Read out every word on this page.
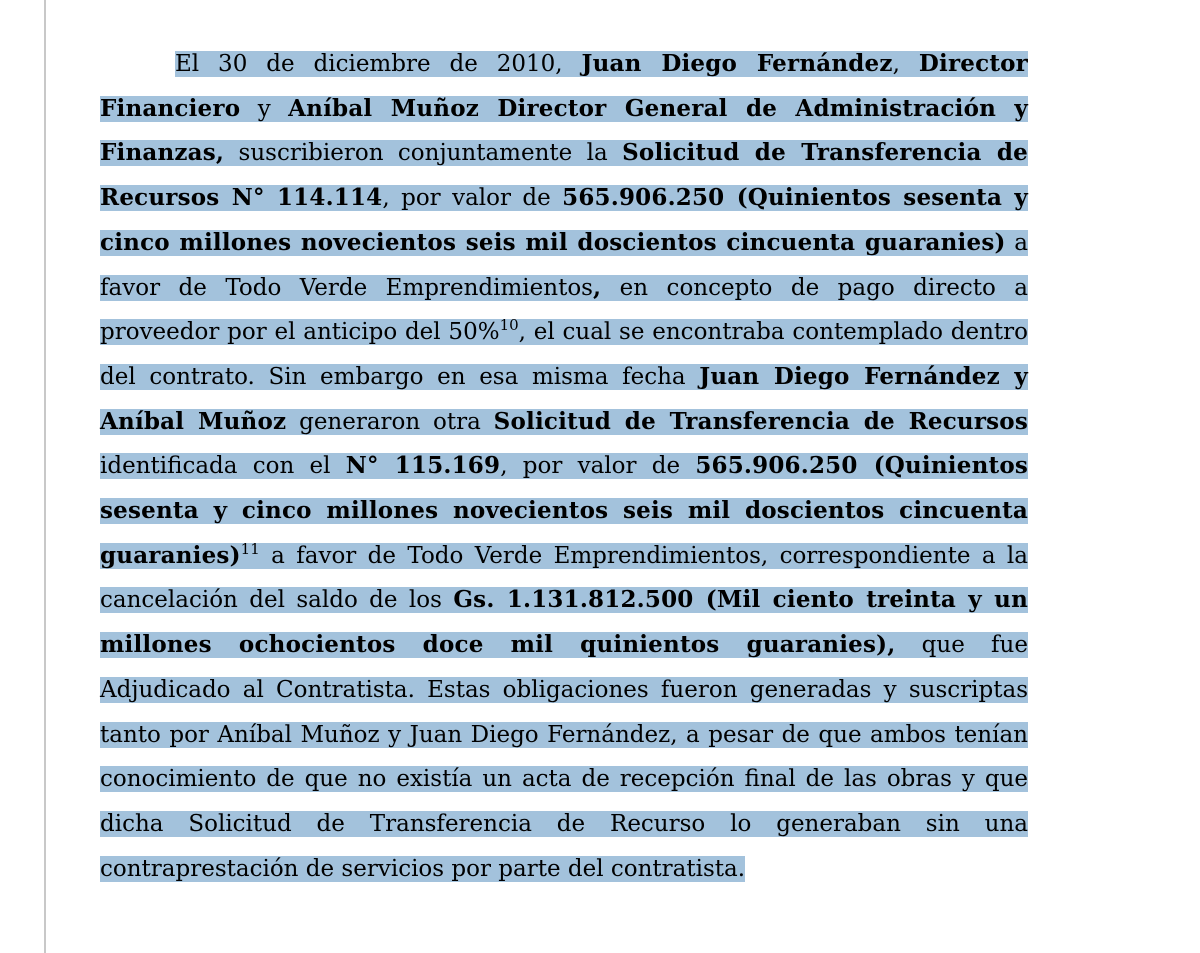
El 30 de diciembre de 2010, Juan Diego Fernández, Director Financiero y Aníbal Muñoz Director General de Administración y Finanzas, suscribieron conjuntamente la Solicitud de Transferencia de Recursos N° 114.114, por valor de 565.906.250 (Quinientos sesenta y cinco millones novecientos seis mil doscientos cincuenta guaranies) a favor de Todo Verde Emprendimientos, en concepto de pago directo a proveedor por el anticipo del 50%$^{10}$, el cual se encontraba contemplado dentro del contrato. Sin embargo en esa misma fecha Juan Diego Fernández y Aníbal Muñoz generaron otra Solicitud de Transferencia de Recursos identificada con el N° 115.169, por valor de 565.906.250 (Quinientos sesenta y cinco millones novecientos seis mil doscientos cincuenta guaranies)$^{11}$ a favor de Todo Verde Emprendimientos, correspondiente a la cancelación del saldo de los Gs. 1.131.812.500 (Mil ciento treinta y un millones ochocientos doce mil quinientos guaranies), que fue Adjudicado al Contratista. Estas obligaciones fueron generadas y suscriptas tanto por Aníbal Muñoz y Juan Diego Fernández, a pesar de que ambos tenían conocimiento de que no existía un acta de recepción final de las obras y que dicha Solicitud de Transferencia de Recurso lo generaban sin una contraprestación de servicios por parte del contratista.
